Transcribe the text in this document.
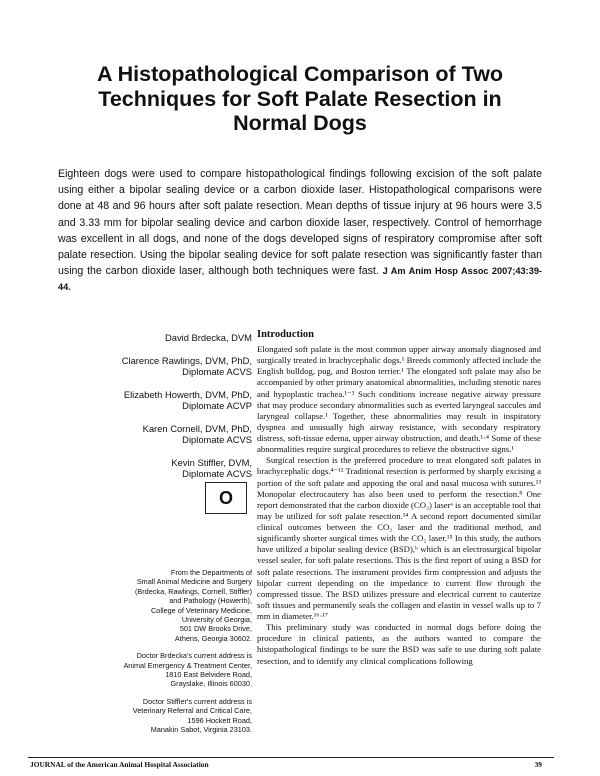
A Histopathological Comparison of Two
Techniques for Soft Palate Resection in
Normal Dogs

Eighteen dogs were used to compare histopathological findings following excision of the soft palate using either a bipolar sealing device or a carbon dioxide laser. Histopathological comparisons were done at 48 and 96 hours after soft palate resection. Mean depths of tissue injury at 96 hours were 3.5 and 3.33 mm for bipolar sealing device and carbon dioxide laser, respectively. Control of hemorrhage was excellent in all dogs, and none of the dogs developed signs of respiratory compromise after soft palate resection. Using the bipolar sealing device for soft palate resection was significantly faster than using the carbon dioxide laser, although both techniques were fast. J Am Anim Hosp Assoc 2007;43:39-44.

David Brdecka, DVM
Clarence Rawlings, DVM, PhD,
Diplomate ACVS
Elizabeth Howerth, DVM, PhD,
Diplomate ACVP
Karen Cornell, DVM, PhD,
Diplomate ACVS
Kevin Stiffler, DVM,
Diplomate ACVS
O

From the Departments of
Small Animal Medicine and Surgery
(Brdecka, Rawlings, Cornell, Stiffler)
and Pathology (Howerth),
College of Veterinary Medicine,
University of Georgia,
501 DW Brooks Drive,
Athens, Georgia 30602.

Doctor Brdecka's current address is
Animal Emergency & Treatment Center,
1810 East Belvidere Road,
Grayslake, Illinois 60030.

Doctor Stiffler's current address is
Veterinary Referral and Critical Care,
1596 Hockett Road,
Manakin Sabot, Virginia 23103.

Introduction

Elongated soft palate is the most common upper airway anomaly diagnosed and surgically treated in brachycephalic dogs.¹ Breeds commonly affected include the English bulldog, pug, and Boston terrier.¹ The elongated soft palate may also be accompanied by other primary anatomical abnormalities, including stenotic nares and hypoplastic trachea.¹⁻³ Such conditions increase negative airway pressure that may produce secondary abnormalities such as everted laryngeal saccules and laryngeal collapse.¹ Together, these abnormalities may result in inspiratory dyspnea and unusually high airway resistance, with secondary respiratory distress, soft-tissue edema, upper airway obstruction, and death.¹·⁴ Some of these abnormalities require surgical procedures to relieve the obstructive signs.¹

Surgical resection is the preferred procedure to treat elongated soft palates in brachycephalic dogs.⁴⁻¹² Traditional resection is performed by sharply excising a portion of the soft palate and apposing the oral and nasal mucosa with sutures.¹³ Monopolar electrocautery has also been used to perform the resection.⁸ One report demonstrated that the carbon dioxide (CO₂) laserᵃ is an acceptable tool that may be utilized for soft palate resection.¹⁴ A second report documented similar clinical outcomes between the CO₂ laser and the traditional method, and significantly shorter surgical times with the CO₂ laser.¹⁵ In this study, the authors have utilized a bipolar sealing device (BSD),ᵇ which is an electrosurgical bipolar vessel sealer, for soft palate resections. This is the first report of using a BSD for soft palate resections. The instrument provides firm compression and adjusts the bipolar current depending on the impedance to current flow through the compressed tissue. The BSD utilizes pressure and electrical current to cauterize soft tissues and permanently seals the collagen and elastin in vessel walls up to 7 mm in diameter.¹⁶·¹⁷

This preliminary study was conducted in normal dogs before doing the procedure in clinical patients, as the authors wanted to compare the histopathological findings to be sure the BSD was safe to use during soft palate resection, and to identify any clinical complications following

JOURNAL of the American Animal Hospital Association	39
